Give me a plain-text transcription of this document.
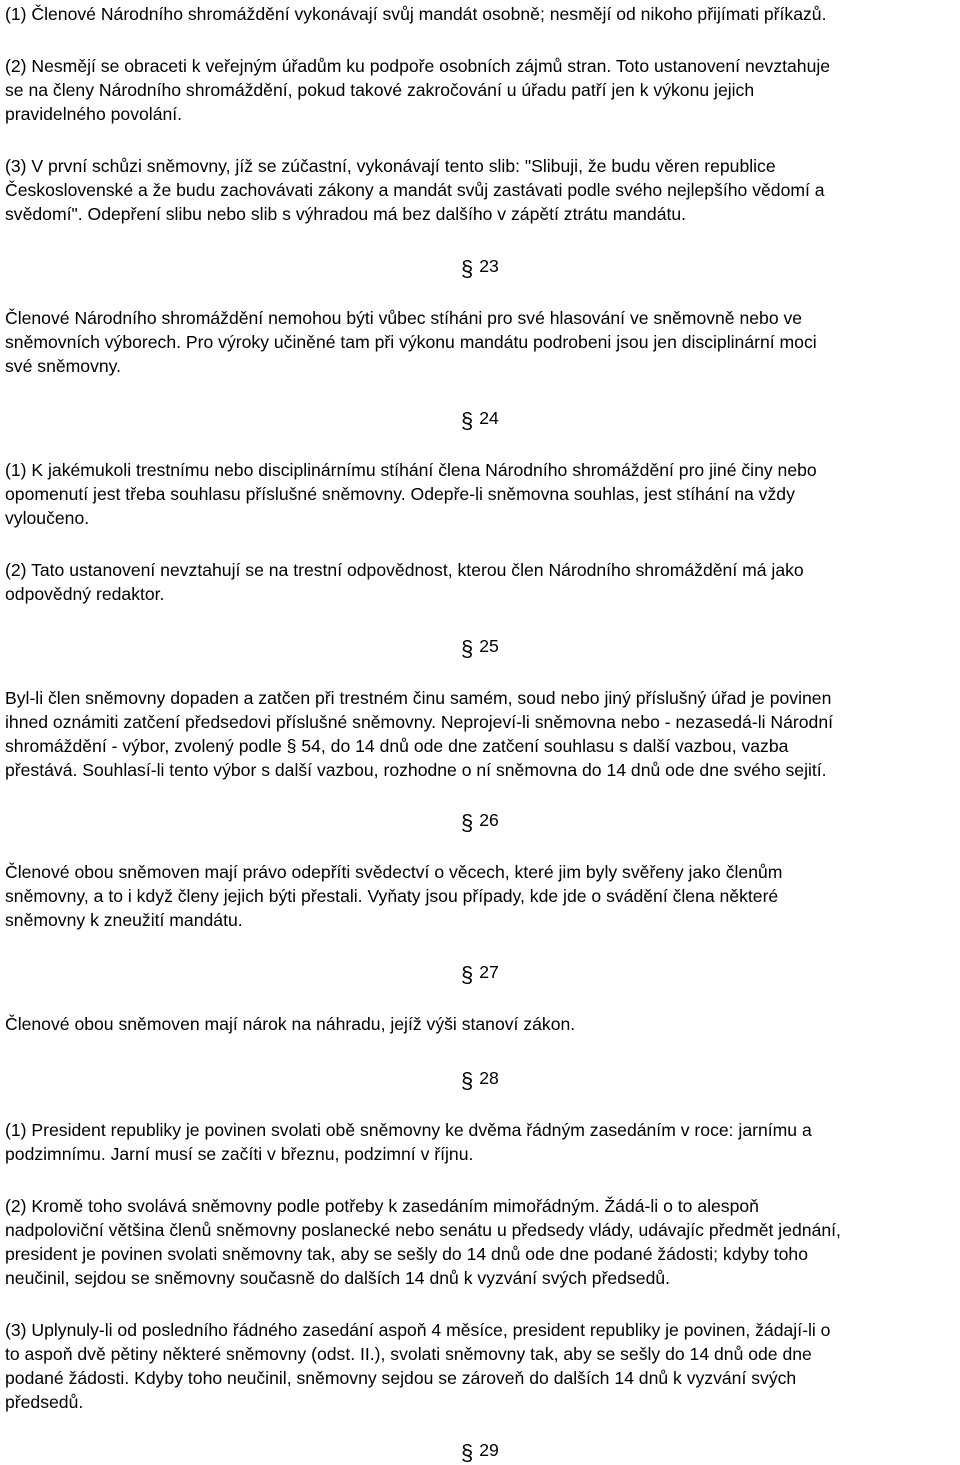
(1) Členové Národního shromáždění vykonávají svůj mandát osobně; nesmějí od nikoho přijímati příkazů.
(2) Nesmějí se obraceti k veřejným úřadům ku podpoře osobních zájmů stran. Toto ustanovení nevztahuje
se na členy Národního shromáždění, pokud takové zakročování u úřadu patří jen k výkonu jejich
pravidelného povolání.
(3) V první schůzi sněmovny, jíž se zúčastní, vykonávají tento slib: "Slibuji, že budu věren republice
Československé a že budu zachovávati zákony a mandát svůj zastávati podle svého nejlepšího vědomí a
svědomí". Odepření slibu nebo slib s výhradou má bez dalšího v zápětí ztrátu mandátu.
§ 23
Členové Národního shromáždění nemohou býti vůbec stíháni pro své hlasování ve sněmovně nebo ve
sněmovních výborech. Pro výroky učiněné tam při výkonu mandátu podrobeni jsou jen disciplinární moci
své sněmovny.
§ 24
(1) K jakémukoli trestnímu nebo disciplinárnímu stíhání člena Národního shromáždění pro jiné činy nebo
opomenutí jest třeba souhlasu příslušné sněmovny. Odepře-li sněmovna souhlas, jest stíhání na vždy
vyloučeno.
(2) Tato ustanovení nevztahují se na trestní odpovědnost, kterou člen Národního shromáždění má jako
odpovědný redaktor.
§ 25
Byl-li člen sněmovny dopaden a zatčen při trestném činu samém, soud nebo jiný příslušný úřad je povinen
ihned oznámiti zatčení předsedovi příslušné sněmovny. Neprojeví-li sněmovna nebo - nezasedá-li Národní
shromáždění - výbor, zvolený podle § 54, do 14 dnů ode dne zatčení souhlasu s další vazbou, vazba
přestává. Souhlasí-li tento výbor s další vazbou, rozhodne o ní sněmovna do 14 dnů ode dne svého sejití.
§ 26
Členové obou sněmoven mají právo odepříti svědectví o věcech, které jim byly svěřeny jako členům
sněmovny, a to i když členy jejich býti přestali. Vyňaty jsou případy, kde jde o svádění člena některé
sněmovny k zneužití mandátu.
§ 27
Členové obou sněmoven mají nárok na náhradu, jejíž výši stanoví zákon.
§ 28
(1) President republiky je povinen svolati obě sněmovny ke dvěma řádným zasedáním v roce: jarnímu a
podzimnímu. Jarní musí se začíti v březnu, podzimní v říjnu.
(2) Kromě toho svolává sněmovny podle potřeby k zasedáním mimořádným. Žádá-li o to alespoň
nadpoloviční většina členů sněmovny poslanecké nebo senátu u předsedy vlády, udávajíc předmět jednání,
president je povinen svolati sněmovny tak, aby se sešly do 14 dnů ode dne podané žádosti; kdyby toho
neučinil, sejdou se sněmovny současně do dalších 14 dnů k vyzvání svých předsedů.
(3) Uplynuly-li od posledního řádného zasedání aspoň 4 měsíce, president republiky je povinen, žádají-li o
to aspoň dvě pětiny některé sněmovny (odst. II.), svolati sněmovny tak, aby se sešly do 14 dnů ode dne
podané žádosti. Kdyby toho neučinil, sněmovny sejdou se zároveň do dalších 14 dnů k vyzvání svých
předsedů.
§ 29
